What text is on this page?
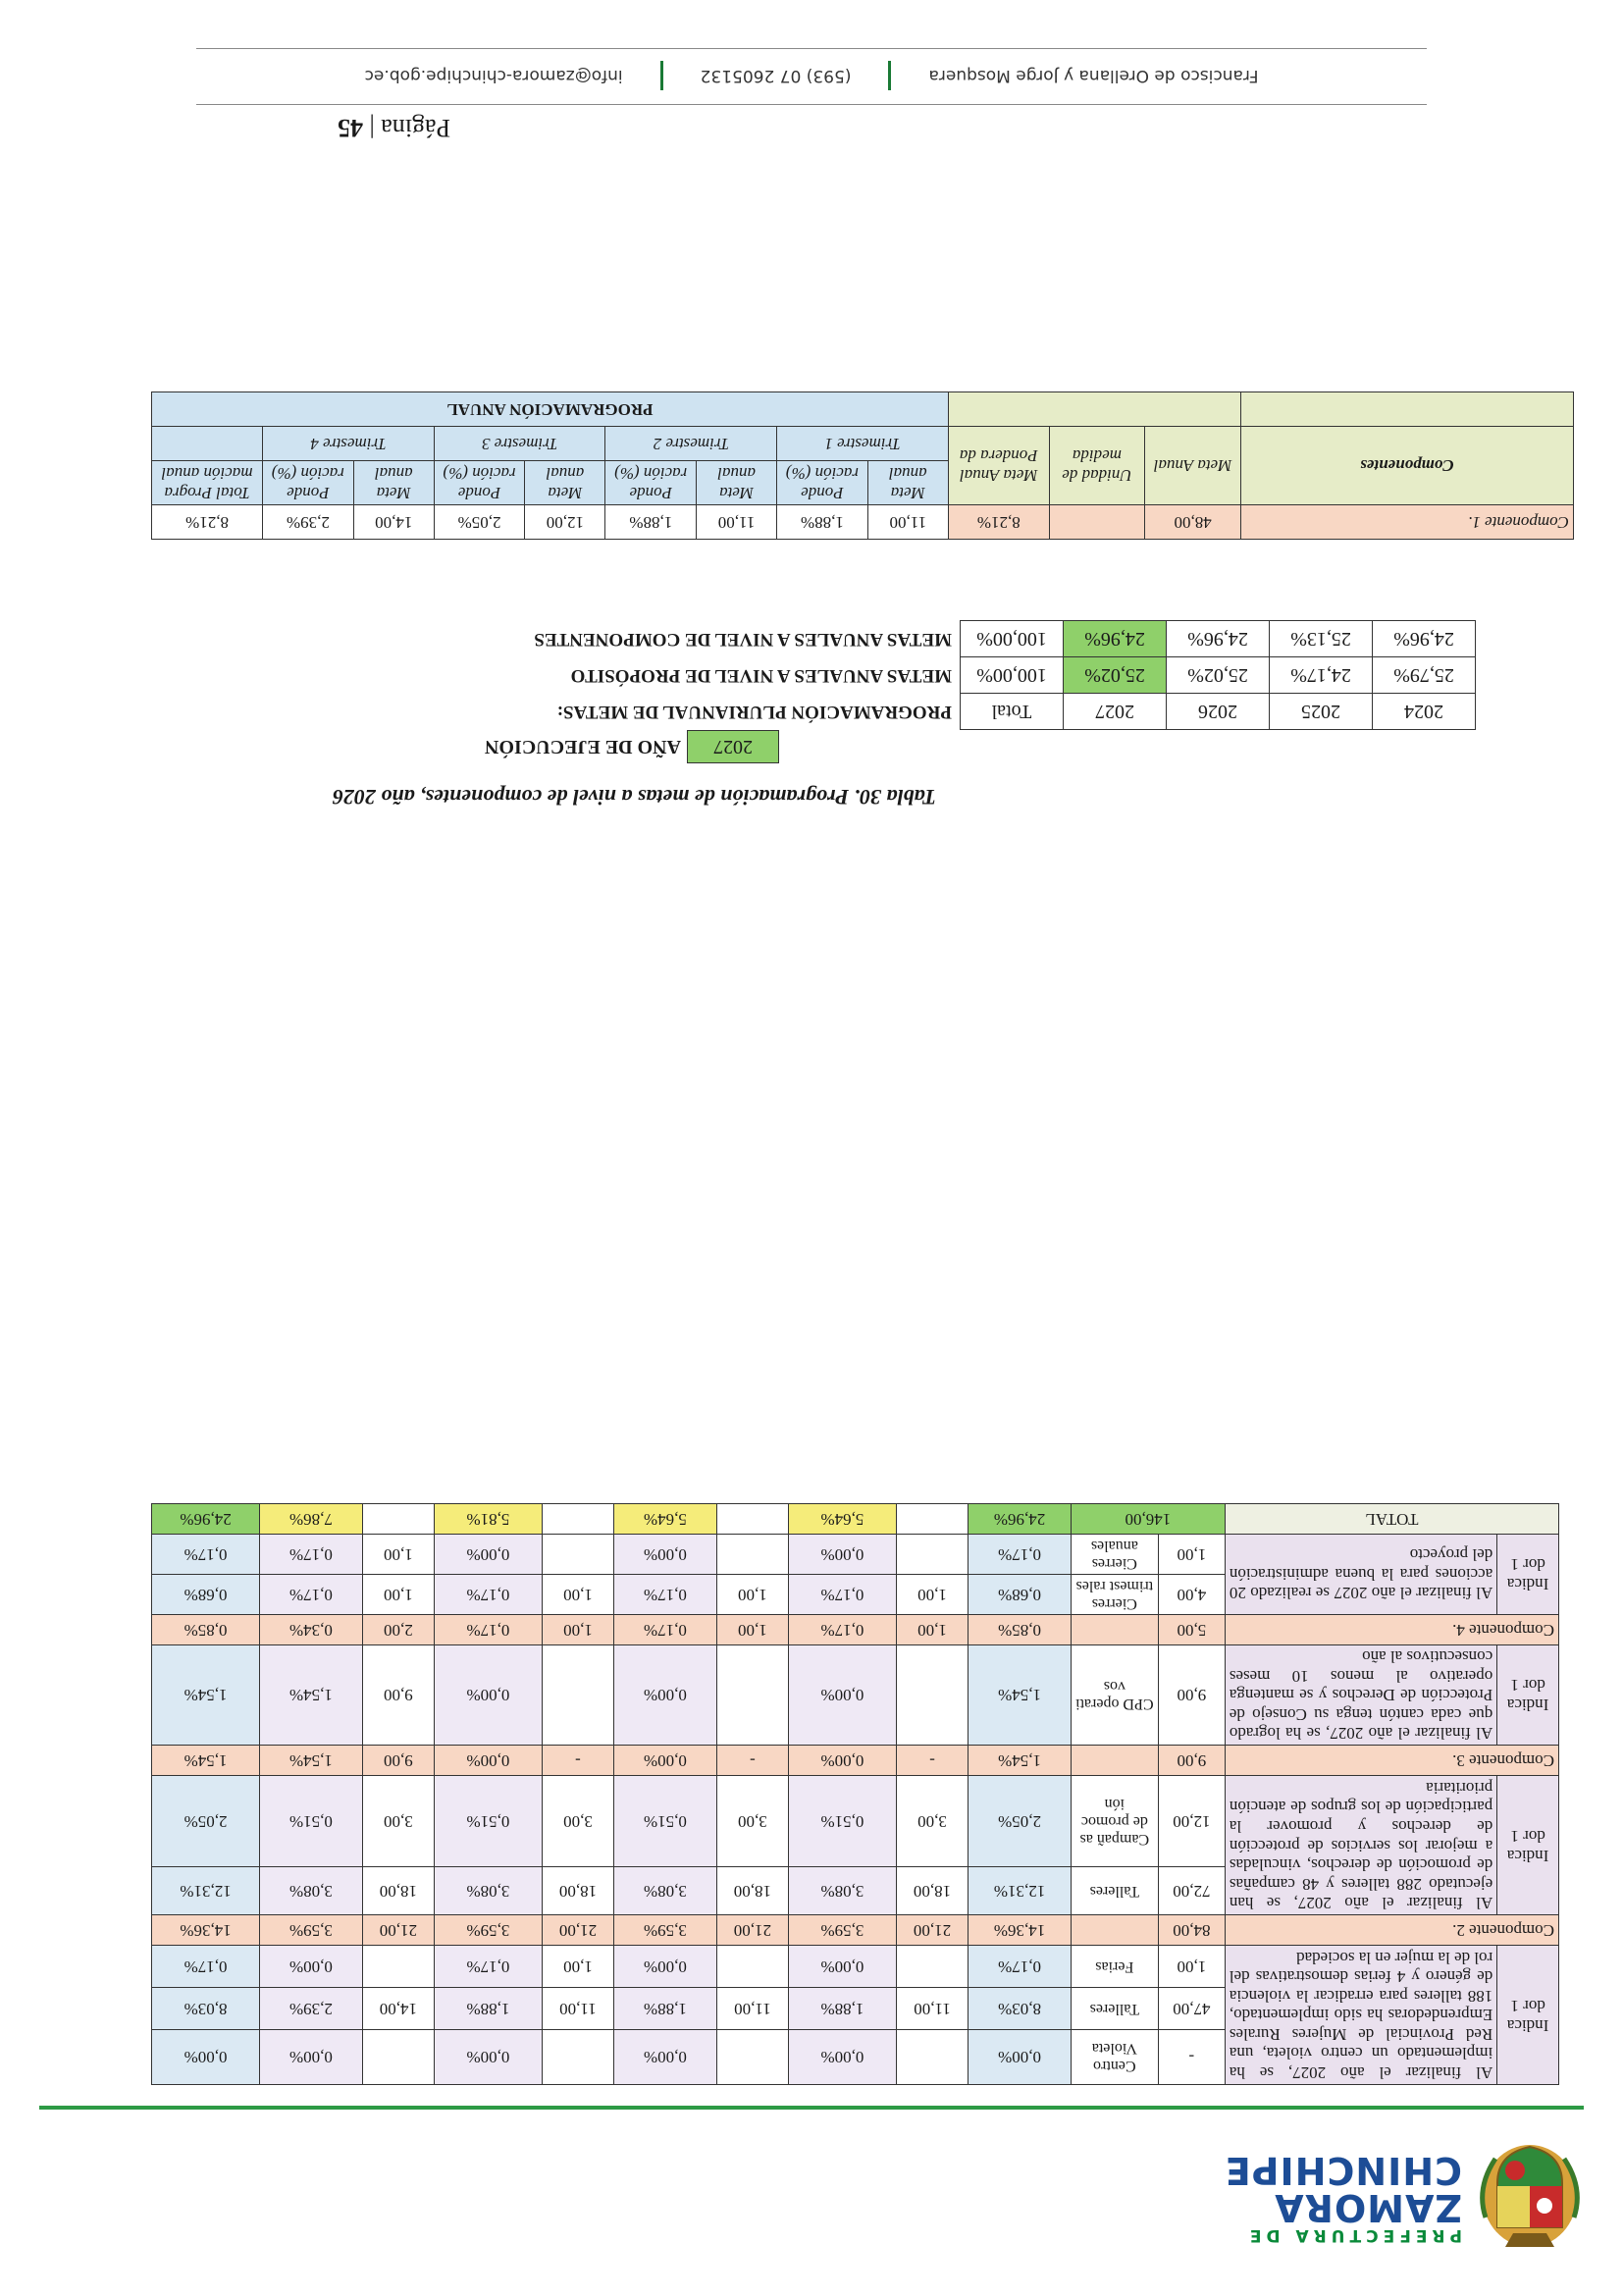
PREFECTURA DE
ZAMORA
CHINCHIPE
Indica dor 1	Al finalizar el año 2027, se ha implementado un centro violeta, una Red Provincial de Mujeres Rurales Emprendedoras ha sido implementado, 188 talleres para erradicar la violencia de género y 4 ferias demostrativas del rol de la mujer en la sociedad	-	Centro Violeta	0,00%		0,00%		0,00%		0,00%		0,00%	0,00%
		47,00	Talleres	8,03%	11,00	1,88%	11,00	1,88%	11,00	1,88%	14,00	2,39%	8,03%
		1,00	Ferias	0,17%		0,00%		0,00%	1,00	0,17%		0,00%	0,17%
Componente 2.		84,00		14,36%	21,00	3,59%	21,00	3,59%	21,00	3,59%	21,00	3,59%	14,36%
Indica dor 1	Al finalizar el año 2027, se han ejecutado 288 talleres y 48 campañas de promoción de derechos, vinculadas a mejorar los servicios de protección de derechos y promover la participación de los grupos de atención prioritaria	72,00	Talleres	12,31%	18,00	3,08%	18,00	3,08%	18,00	3,08%	18,00	3,08%	12,31%
		12,00	Campañ as de promoc ión	2,05%	3,00	0,51%	3,00	0,51%	3,00	0,51%	3,00	0,51%	2,05%
Componente 3.		9,00		1,54%	-	0,00%	-	0,00%	-	0,00%	9,00	1,54%	1,54%
Indica dor 1	Al finalizar el año 2027, se ha logrado que cada cantón tenga su Consejo de Protección de Derechos y se mantenga operativo al menos 10 meses consecutivos al año	9,00	CPD operati vos	1,54%		0,00%		0,00%		0,00%	9,00	1,54%	1,54%
Componente 4.		5,00		0,85%	1,00	0,17%	1,00	0,17%	1,00	0,17%	2,00	0,34%	0,85%
Indica dor 1	Al finalizar el año 2027 se realizado 20 acciones para la buena administración del proyecto	4,00	Cierres trimest rales	0,68%	1,00	0,17%	1,00	0,17%	1,00	0,17%	1,00	0,17%	0,68%
		1,00	Cierres anuales	0,17%		0,00%		0,00%		0,00%	1,00	0,17%	0,17%
TOTAL		146,00		24,96%		5,64%		5,64%		5,81%		7,86%	24,96%
Tabla 30. Programación de metas a nivel de componentes, año 2026
AÑO DE EJECUCIÓN	2027
2024	2025	2026	2027	Total	PROGRAMACIÓN PLURIANUAL DE METAS:
25,79%	24,17%	25,02%	25,02%	100,00%	METAS ANUALES A NIVEL DE PROPÓSITO
24,96%	25,13%	24,96%	24,96%	100,00%	METAS ANUALES A NIVEL DE COMPONENTES
Componente 1.	48,00		8,21%	11,00	1,88%	11,00	1,88%	12,00	2,05%	14,00	2,39%	8,21%
Componentes	Meta Anual	Unidad de medida	Meta Anual Pondera da	Meta anual	Ponde ración (%)	Meta anual	Ponde ración (%)	Meta anual	Ponde ración (%)	Meta anual	Ponde ración (%)	Total Progra mación anual
				Trimestre 1		Trimestre 2		Trimestre 3		Trimestre 4		
				PROGRAMACIÓN ANUAL								
Página | 45
Francisco de Orellana y Jorge Mosquera
(593) 07 2605132
info@zamora-chinchipe.gob.ec
